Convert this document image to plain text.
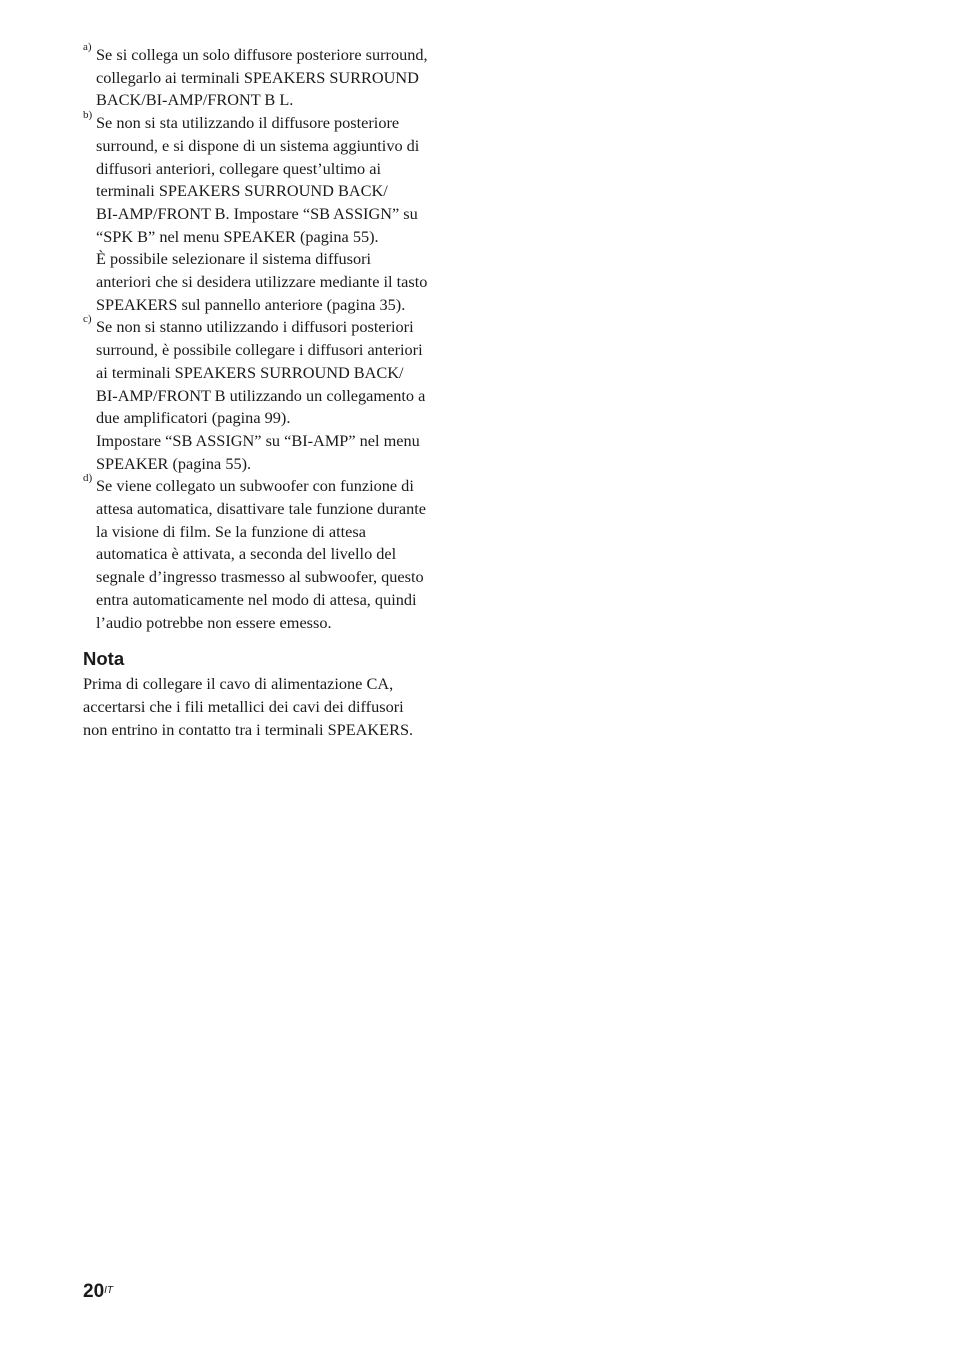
a) Se si collega un solo diffusore posteriore surround,
collegarlo ai terminali SPEAKERS SURROUND
BACK/BI-AMP/FRONT B L.
b) Se non si sta utilizzando il diffusore posteriore
surround, e si dispone di un sistema aggiuntivo di
diffusori anteriori, collegare quest’ultimo ai
terminali SPEAKERS SURROUND BACK/
BI-AMP/FRONT B. Impostare “SB ASSIGN” su
“SPK B” nel menu SPEAKER (pagina 55).
È possibile selezionare il sistema diffusori
anteriori che si desidera utilizzare mediante il tasto
SPEAKERS sul pannello anteriore (pagina 35).
c) Se non si stanno utilizzando i diffusori posteriori
surround, è possibile collegare i diffusori anteriori
ai terminali SPEAKERS SURROUND BACK/
BI-AMP/FRONT B utilizzando un collegamento a
due amplificatori (pagina 99).
Impostare “SB ASSIGN” su “BI-AMP” nel menu
SPEAKER (pagina 55).
d) Se viene collegato un subwoofer con funzione di
attesa automatica, disattivare tale funzione durante
la visione di film. Se la funzione di attesa
automatica è attivata, a seconda del livello del
segnale d’ingresso trasmesso al subwoofer, questo
entra automaticamente nel modo di attesa, quindi
l’audio potrebbe non essere emesso.
Nota
Prima di collegare il cavo di alimentazione CA,
accertarsi che i fili metallici dei cavi dei diffusori
non entrino in contatto tra i terminali SPEAKERS.
$20^{IT}$
